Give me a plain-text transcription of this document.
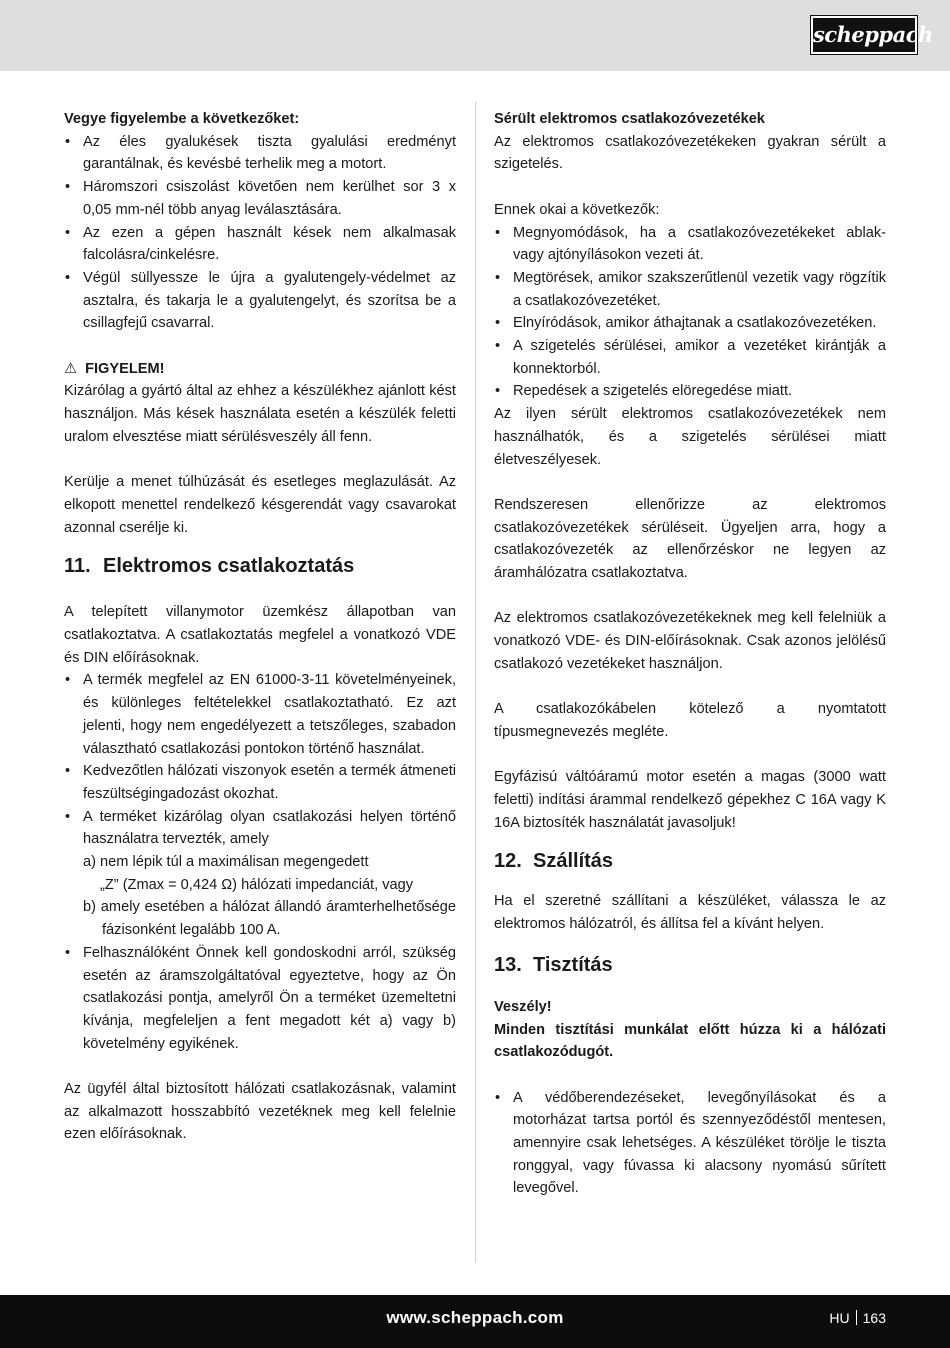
scheppach

Vegye figyelembe a következőket:

• Az éles gyalukések tiszta gyalulási eredményt garantálnak, és kevésbé terhelik meg a motort.
• Háromszori csiszolást követően nem kerülhet sor 3 x 0,05 mm-nél több anyag leválasztására.
• Az ezen a gépen használt kések nem alkalmasak falcolásra/cinkelésre.
• Végül süllyessze le újra a gyalutengely-védelmet az asztalra, és takarja le a gyalutengelyt, és szorítsa be a csillagfejű csavarral.

⚠ FIGYELEM!

Kizárólag a gyártó által az ehhez a készülékhez ajánlott kést használjon. Más kések használata esetén a készülék feletti uralom elvesztése miatt sérülésveszély áll fenn.

Kerülje a menet túlhúzását és esetleges meglazulását. Az elkopott menettel rendelkező késgerendát vagy csavarokat azonnal cserélje ki.

11. Elektromos csatlakoztatás

A telepített villanymotor üzemkész állapotban van csatlakoztatva. A csatlakoztatás megfelel a vonatkozó VDE és DIN előírásoknak.

• A termék megfelel az EN 61000-3-11 követelményeinek, és különleges feltételekkel csatlakoztatható. Ez azt jelenti, hogy nem engedélyezett a tetszőleges, szabadon választható csatlakozási pontokon történő használat.
• Kedvezőtlen hálózati viszonyok esetén a termék átmeneti feszültségingadozást okozhat.
• A terméket kizárólag olyan csatlakozási helyen történő használatra tervezték, amely
a) nem lépik túl a maximálisan megengedett
„Z” (Zmax = 0,424 Ω) hálózati impedanciát, vagy
b) amely esetében a hálózat állandó áramterhelhetősége fázisonként legalább 100 A.
• Felhasználóként Önnek kell gondoskodni arról, szükség esetén az áramszolgáltatóval egyeztetve, hogy az Ön csatlakozási pontja, amelyről Ön a terméket üzemeltetni kívánja, megfeleljen a fent megadott két a) vagy b) követelmény egyikének.

Az ügyfél által biztosított hálózati csatlakozásnak, valamint az alkalmazott hosszabbító vezetéknek meg kell felelnie ezen előírásoknak.

Sérült elektromos csatlakozóvezetékek

Az elektromos csatlakozóvezetékeken gyakran sérült a szigetelés.

Ennek okai a következők:

• Megnyomódások, ha a csatlakozóvezetékeket ablak- vagy ajtónyílásokon vezeti át.
• Megtörések, amikor szakszerűtlenül vezetik vagy rögzítik a csatlakozóvezetéket.
• Elnyíródások, amikor áthajtanak a csatlakozóvezetéken.
• A szigetelés sérülései, amikor a vezetéket kirántják a konnektorból.
• Repedések a szigetelés elöregedése miatt.

Az ilyen sérült elektromos csatlakozóvezetékek nem használhatók, és a szigetelés sérülései miatt életveszélyesek.

Rendszeresen ellenőrizze az elektromos csatlakozóvezetékek sérüléseit. Ügyeljen arra, hogy a csatlakozóvezeték az ellenőrzéskor ne legyen az áramhálózatra csatlakoztatva.

Az elektromos csatlakozóvezetékeknek meg kell felelniük a vonatkozó VDE- és DIN-előírásoknak. Csak azonos jelölésű csatlakozó vezetékeket használjon.

A csatlakozókábelen kötelező a nyomtatott típusmegnevezés megléte.

Egyfázisú váltóáramú motor esetén a magas (3000 watt feletti) indítási árammal rendelkező gépekhez C 16A vagy K 16A biztosíték használatát javasoljuk!

12. Szállítás

Ha el szeretné szállítani a készüléket, válassza le az elektromos hálózatról, és állítsa fel a kívánt helyen.

13. Tisztítás

Veszély!

Minden tisztítási munkálat előtt húzza ki a hálózati csatlakozódugót.

• A védőberendezéseket, levegőnyílásokat és a motorházat tartsa portól és szennyeződéstől mentesen, amennyire csak lehetséges. A készüléket törölje le tiszta ronggyal, vagy fúvassa ki alacsony nyomású sűrített levegővel.
www.scheppach.com	HU 163
